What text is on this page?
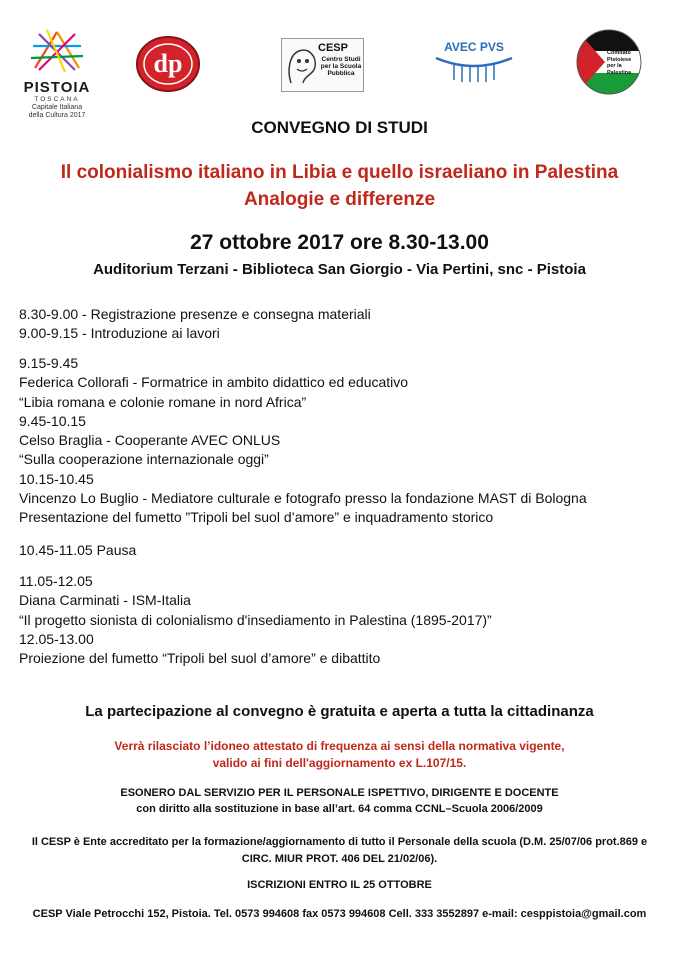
PISTOIA
TOSCANA
Capitale Italiana
della Cultura 2017
dp
CESP
Centro Studi per la Scuola Pubblica
AVEC PVS	Comitato Pistoiese per la Palestina
CONVEGNO DI STUDI
Il colonialismo italiano in Libia e quello israeliano in Palestina
Analogie e differenze
27 ottobre 2017 ore 8.30-13.00
Auditorium Terzani - Biblioteca San Giorgio - Via Pertini, snc - Pistoia
8.30-9.00 - Registrazione presenze e consegna materiali
9.00-9.15 - Introduzione ai lavori
9.15-9.45
Federica Collorafi - Formatrice in ambito didattico ed educativo
“Libia romana e colonie romane in nord Africa”
9.45-10.15
Celso Braglia - Cooperante AVEC ONLUS
“Sulla cooperazione internazionale oggi”
10.15-10.45
Vincenzo Lo Buglio - Mediatore culturale e fotografo presso la fondazione MAST di Bologna
Presentazione del fumetto ”Tripoli bel suol d’amore” e inquadramento storico
10.45-11.05 Pausa
11.05-12.05
Diana Carminati - ISM-Italia
“Il progetto sionista di colonialismo d'insediamento in Palestina (1895-2017)”
12.05-13.00
Proiezione del fumetto “Tripoli bel suol d’amore” e dibattito
La partecipazione al convegno è gratuita e aperta a tutta la cittadinanza
Verrà rilasciato l’idoneo attestato di frequenza ai sensi della normativa vigente,
valido ai fini dell'aggiornamento ex L.107/15.
ESONERO DAL SERVIZIO PER IL PERSONALE ISPETTIVO, DIRIGENTE E DOCENTE
con diritto alla sostituzione in base all’art. 64 comma CCNL–Scuola 2006/2009
Il CESP è Ente accreditato per la formazione/aggiornamento di tutto il Personale della scuola (D.M. 25/07/06 prot.869 e
CIRC. MIUR PROT. 406 DEL 21/02/06).
ISCRIZIONI ENTRO IL 25 OTTOBRE
CESP Viale Petrocchi 152, Pistoia. Tel. 0573 994608 fax 0573 994608 Cell. 333 3552897 e-mail: cesppistoia@gmail.com
